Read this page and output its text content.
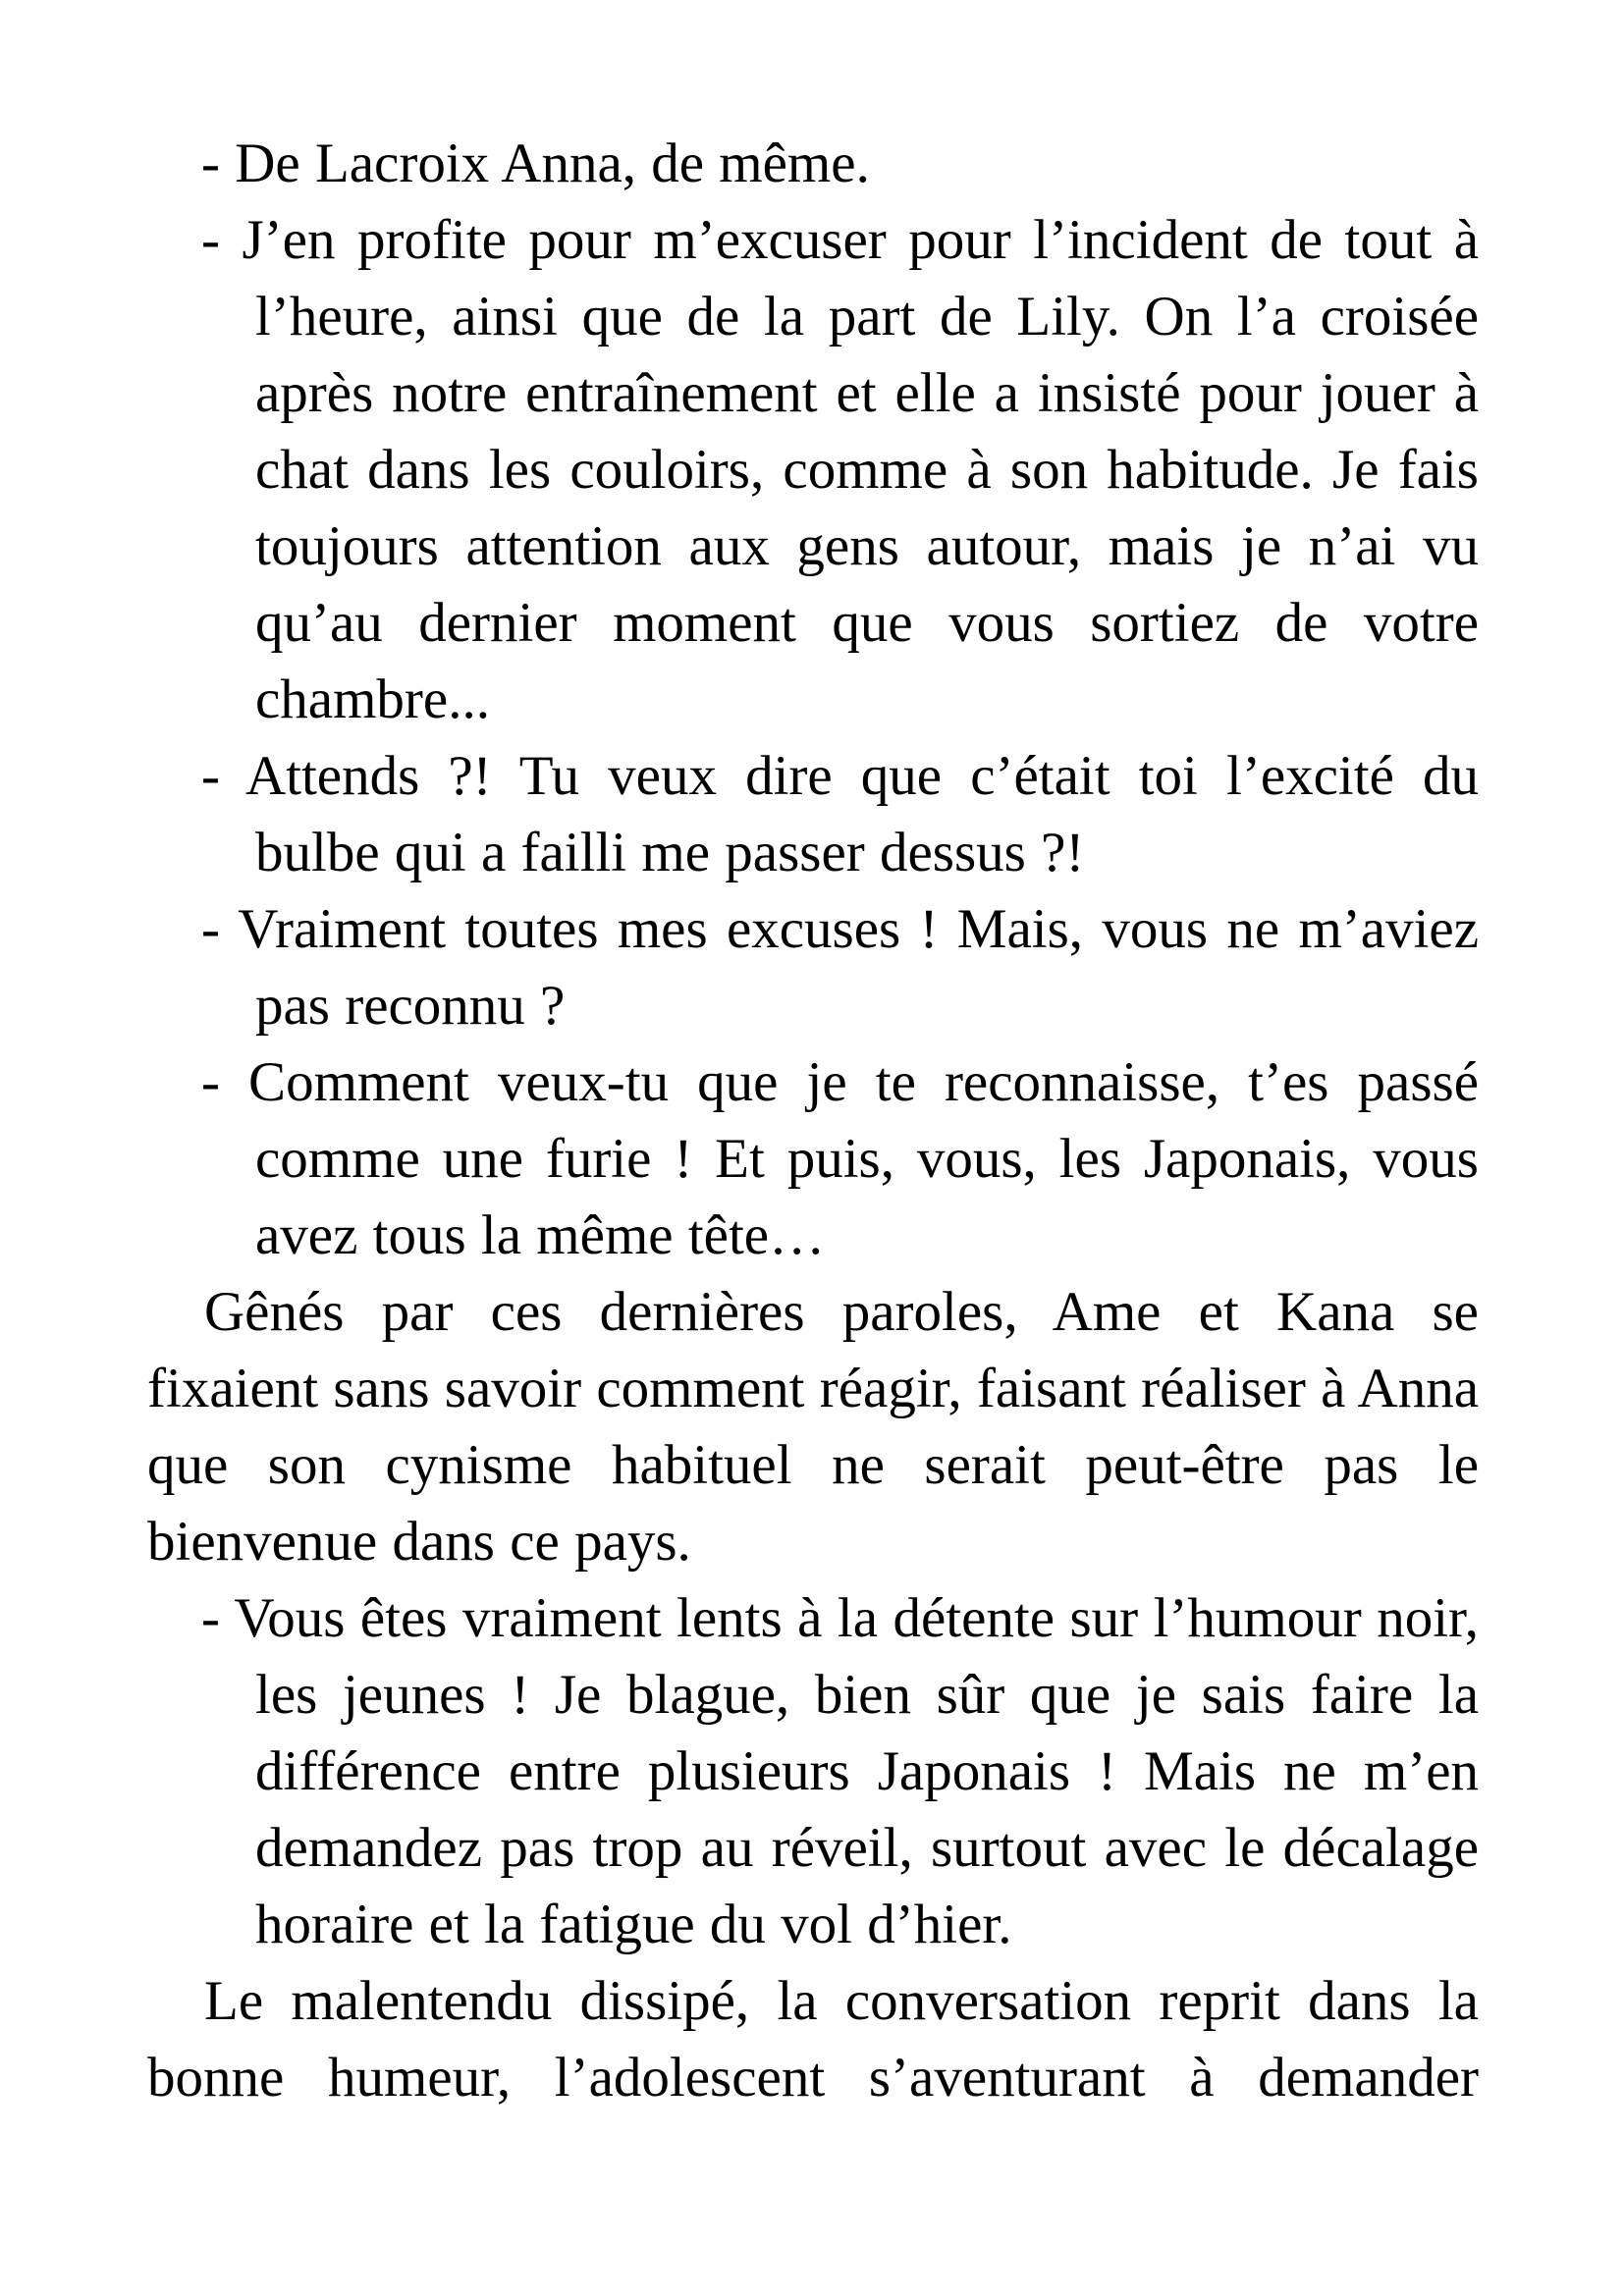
- De Lacroix Anna, de même.

- J’en profite pour m’excuser pour l’incident de tout à l’heure, ainsi que de la part de Lily. On l’a croisée après notre entraînement et elle a insisté pour jouer à chat dans les couloirs, comme à son habitude. Je fais toujours attention aux gens autour, mais je n’ai vu qu’au dernier moment que vous sortiez de votre chambre...

- Attends ?! Tu veux dire que c’était toi l’excité du bulbe qui a failli me passer dessus ?!

- Vraiment toutes mes excuses ! Mais, vous ne m’aviez pas reconnu ?

- Comment veux-tu que je te reconnaisse, t’es passé comme une furie ! Et puis, vous, les Japonais, vous avez tous la même tête…

Gênés par ces dernières paroles, Ame et Kana se fixaient sans savoir comment réagir, faisant réaliser à Anna que son cynisme habituel ne serait peut-être pas le bienvenue dans ce pays.

- Vous êtes vraiment lents à la détente sur l’humour noir, les jeunes ! Je blague, bien sûr que je sais faire la différence entre plusieurs Japonais ! Mais ne m’en demandez pas trop au réveil, surtout avec le décalage horaire et la fatigue du vol d’hier.

Le malentendu dissipé, la conversation reprit dans la bonne humeur, l’adolescent s’aventurant à demander
